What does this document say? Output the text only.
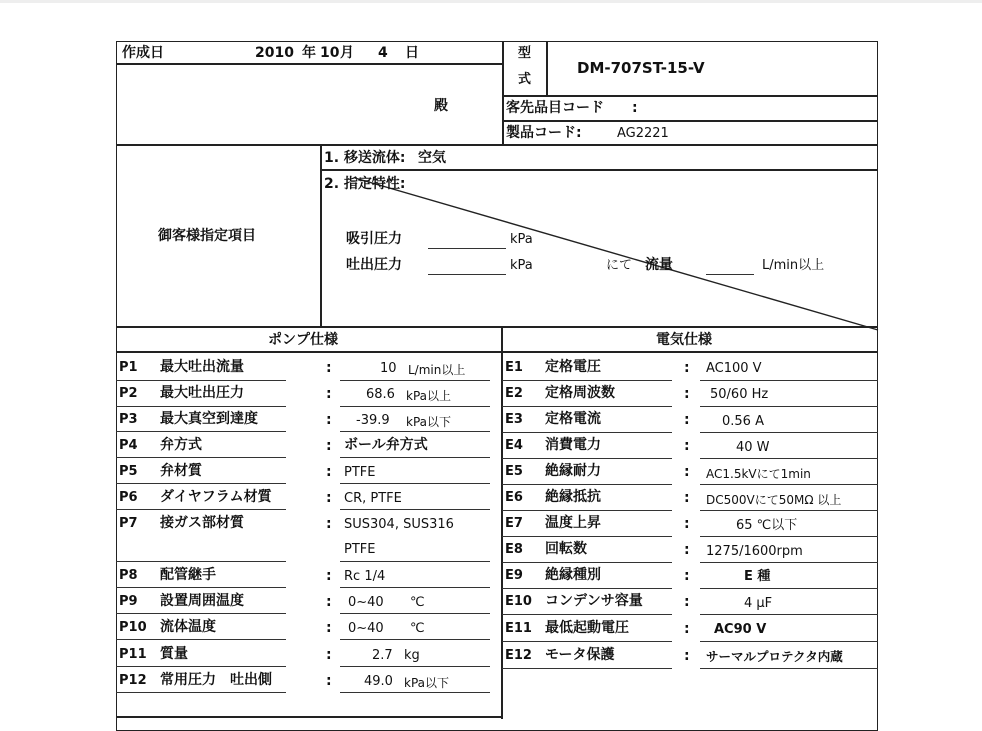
作成日	2010 年 10 月 4 日
殿
型
式
DM-707ST-15-V
客先品目コード :
製品コード:	AG2221
御客様指定項目
1. 移送流体: 空気
2. 指定特性:
吸引圧力	kPa
吐出圧力	kPa	にて 流量	L/min以上
ポンプ仕様	電気仕様
P1 最大吐出流量	:	10 L/min以上
P2 最大吐出圧力	:	68.6 kPa以上
P3 最大真空到達度	: -39.9 kPa以下
P4 弁方式	: ボール弁方式
P5 弁材質	: PTFE
P6 ダイヤフラム材質	: CR, PTFE
P7 接ガス部材質	: SUS304, SUS316
PTFE
P8 配管継手	: Rc 1/4
P9 設置周囲温度	: 0~40 ℃
P10 流体温度	: 0~40 ℃
P11 質量	:	2.7 kg
P12 常用圧力　吐出側	: 49.0 kPa以下
E1 定格電圧	: AC100 V
E2 定格周波数	: 50/60 Hz
E3 定格電流	: 0.56 A
E4 消費電力	:	40 W
E5 絶縁耐力	: AC1.5kVにて1min
E6 絶縁抵抗	: DC500Vにて50MΩ 以上
E7 温度上昇	:	65 ℃以下
E8 回転数	: 1275/1600rpm
E9 絶縁種別	:	E 種
E10 コンデンサ容量	:	4 μF
E11 最低起動電圧	: AC90 V
E12 モータ保護	: サーマルプロテクタ内蔵
